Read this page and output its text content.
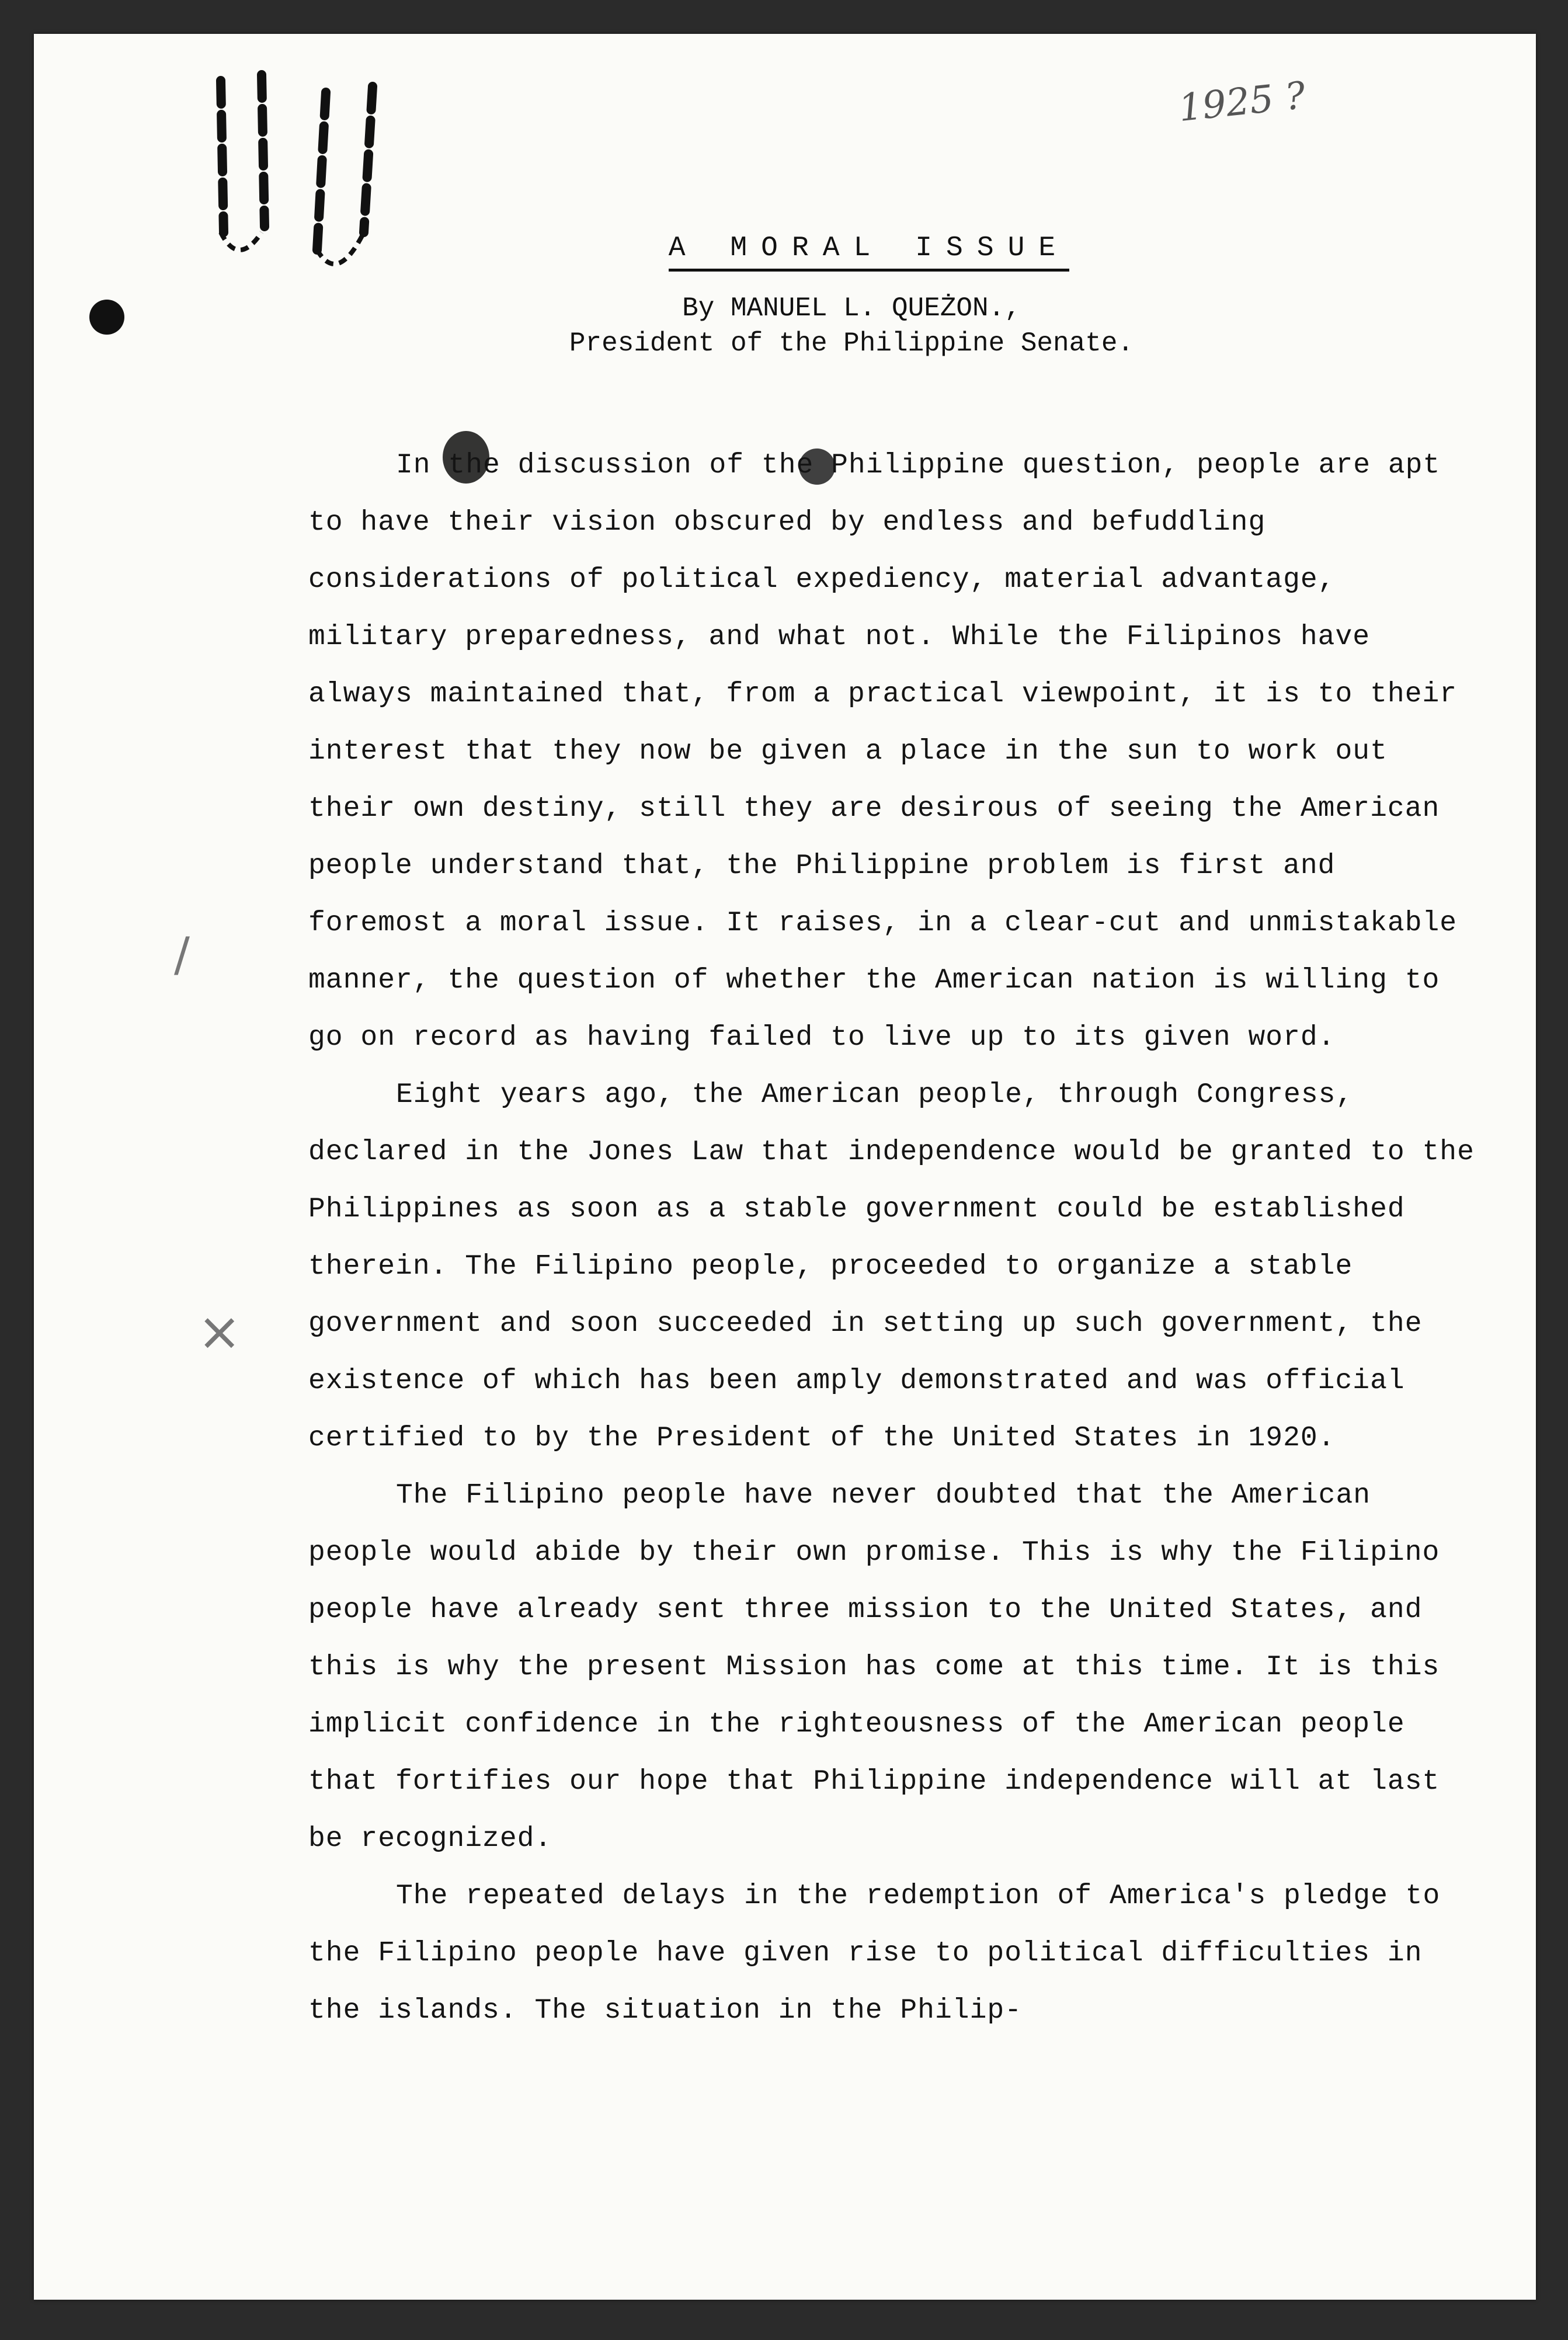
1925 ?
/
×
A MORAL ISSUE
By MANUEL L. QUEŻON.,
President of the Philippine Senate.

In the discussion of the Philippine question, people are apt to have their vision obscured by endless and befuddling considerations of political expediency, material advantage, military preparedness, and what not. While the Filipinos have always maintained that, from a practical viewpoint, it is to their interest that they now be given a place in the sun to work out their own destiny, still they are desirous of seeing the American people understand that, the Philippine problem is first and foremost a moral issue. It raises, in a clear-cut and unmistakable manner, the question of whether the American nation is willing to go on record as having failed to live up to its given word.

Eight years ago, the American people, through Congress, declared in the Jones Law that independence would be granted to the Philippines as soon as a stable government could be established therein. The Filipino people, proceeded to organize a stable government and soon succeeded in setting up such government, the existence of which has been amply demonstrated and was official certified to by the President of the United States in 1920.

The Filipino people have never doubted that the American people would abide by their own promise. This is why the Filipino people have already sent three mission to the United States, and this is why the present Mission has come at this time. It is this implicit confidence in the righteousness of the American people that fortifies our hope that Philippine independence will at last be recognized.

The repeated delays in the redemption of America's pledge to the Filipino people have given rise to political difficulties in the islands. The situation in the Philip-
